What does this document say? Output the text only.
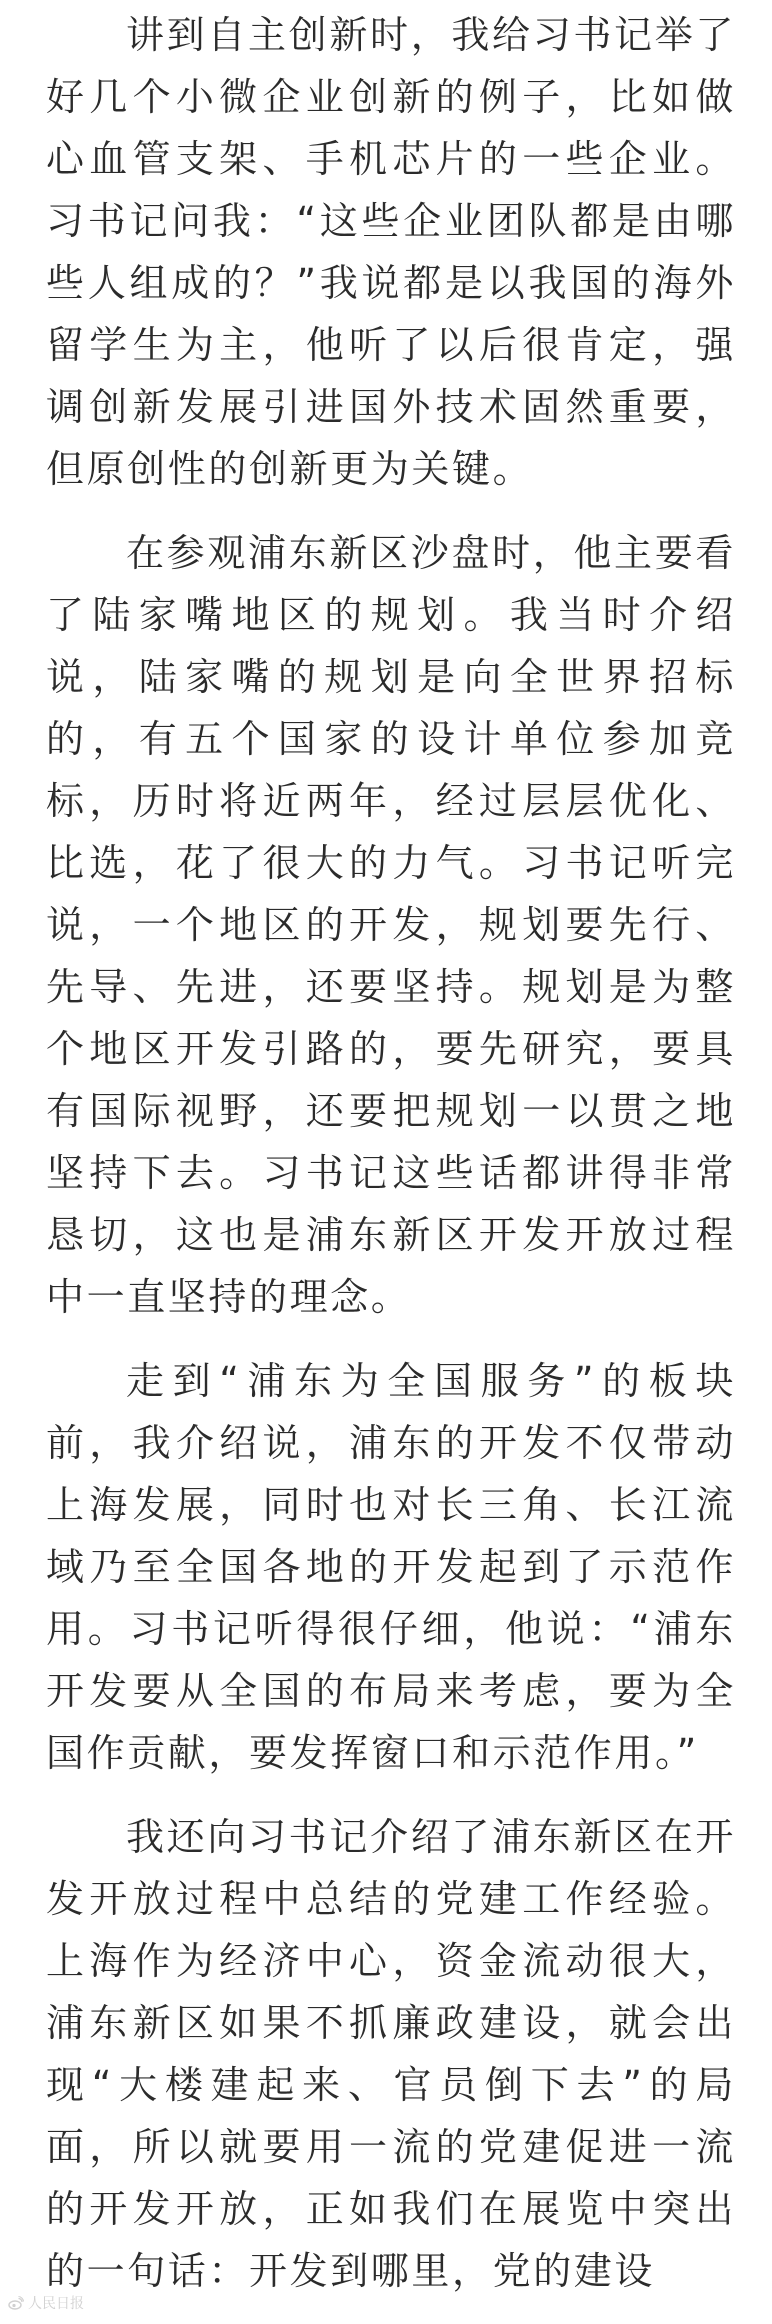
讲到自主创新时，我给习书记举了好几个小微企业创新的例子，比如做心血管支架、手机芯片的一些企业。习书记问我：“这些企业团队都是由哪些人组成的？”我说都是以我国的海外留学生为主，他听了以后很肯定，强调创新发展引进国外技术固然重要，但原创性的创新更为关键。

在参观浦东新区沙盘时，他主要看了陆家嘴地区的规划。我当时介绍说，陆家嘴的规划是向全世界招标的，有五个国家的设计单位参加竞标，历时将近两年，经过层层优化、比选，花了很大的力气。习书记听完说，一个地区的开发，规划要先行、先导、先进，还要坚持。规划是为整个地区开发引路的，要先研究，要具有国际视野，还要把规划一以贯之地坚持下去。习书记这些话都讲得非常恳切，这也是浦东新区开发开放过程中一直坚持的理念。

走到“浦东为全国服务”的板块前，我介绍说，浦东的开发不仅带动上海发展，同时也对长三角、长江流域乃至全国各地的开发起到了示范作用。习书记听得很仔细，他说：“浦东开发要从全国的布局来考虑，要为全国作贡献，要发挥窗口和示范作用。”

我还向习书记介绍了浦东新区在开发开放过程中总结的党建工作经验。上海作为经济中心，资金流动很大，浦东新区如果不抓廉政建设，就会出现“大楼建起来、官员倒下去”的局面，所以就要用一流的党建促进一流的开发开放，正如我们在展览中突出的一句话：开发到哪里，党的建设

人民日报
